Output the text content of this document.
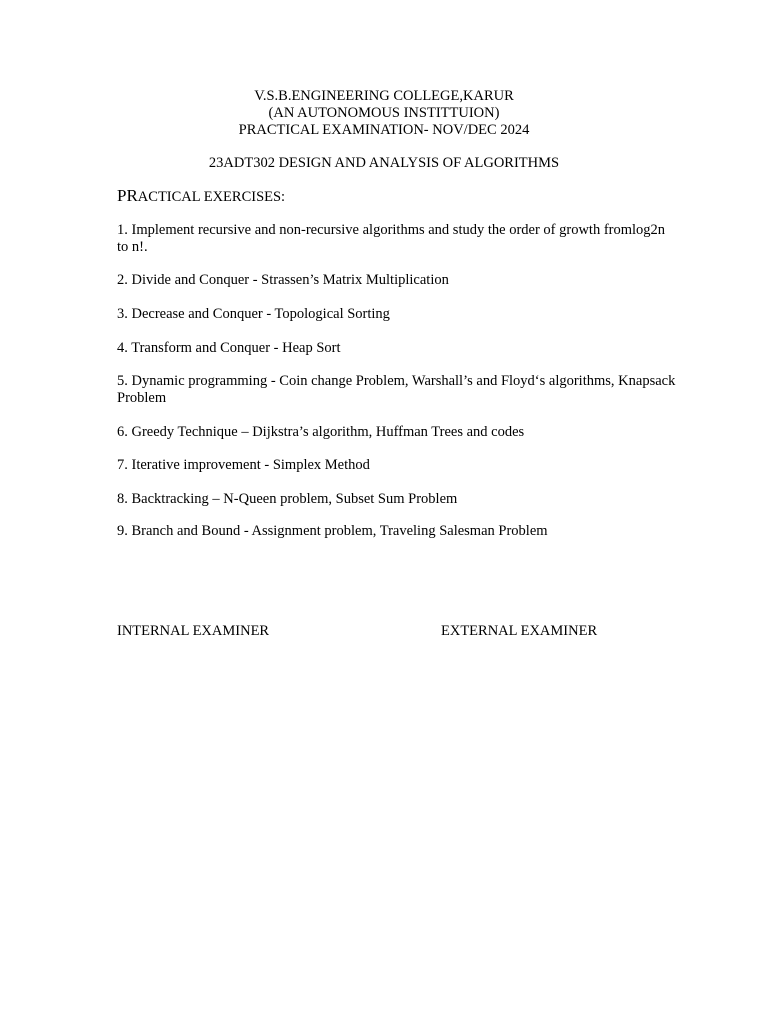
V.S.B.ENGINEERING COLLEGE,KARUR
(AN AUTONOMOUS INSTITTUION)
PRACTICAL EXAMINATION- NOV/DEC 2024
23ADT302 DESIGN AND ANALYSIS OF ALGORITHMS
PRACTICAL EXERCISES:
1. Implement recursive and non-recursive algorithms and study the order of growth fromlog2n to n!.
2. Divide and Conquer - Strassen’s Matrix Multiplication
3. Decrease and Conquer - Topological Sorting
4. Transform and Conquer - Heap Sort
5. Dynamic programming - Coin change Problem, Warshall’s and Floyd‘s algorithms, Knapsack Problem
6. Greedy Technique – Dijkstra’s algorithm, Huffman Trees and codes
7. Iterative improvement - Simplex Method
8. Backtracking – N-Queen problem, Subset Sum Problem
9. Branch and Bound - Assignment problem, Traveling Salesman Problem
INTERNAL EXAMINER	EXTERNAL EXAMINER
